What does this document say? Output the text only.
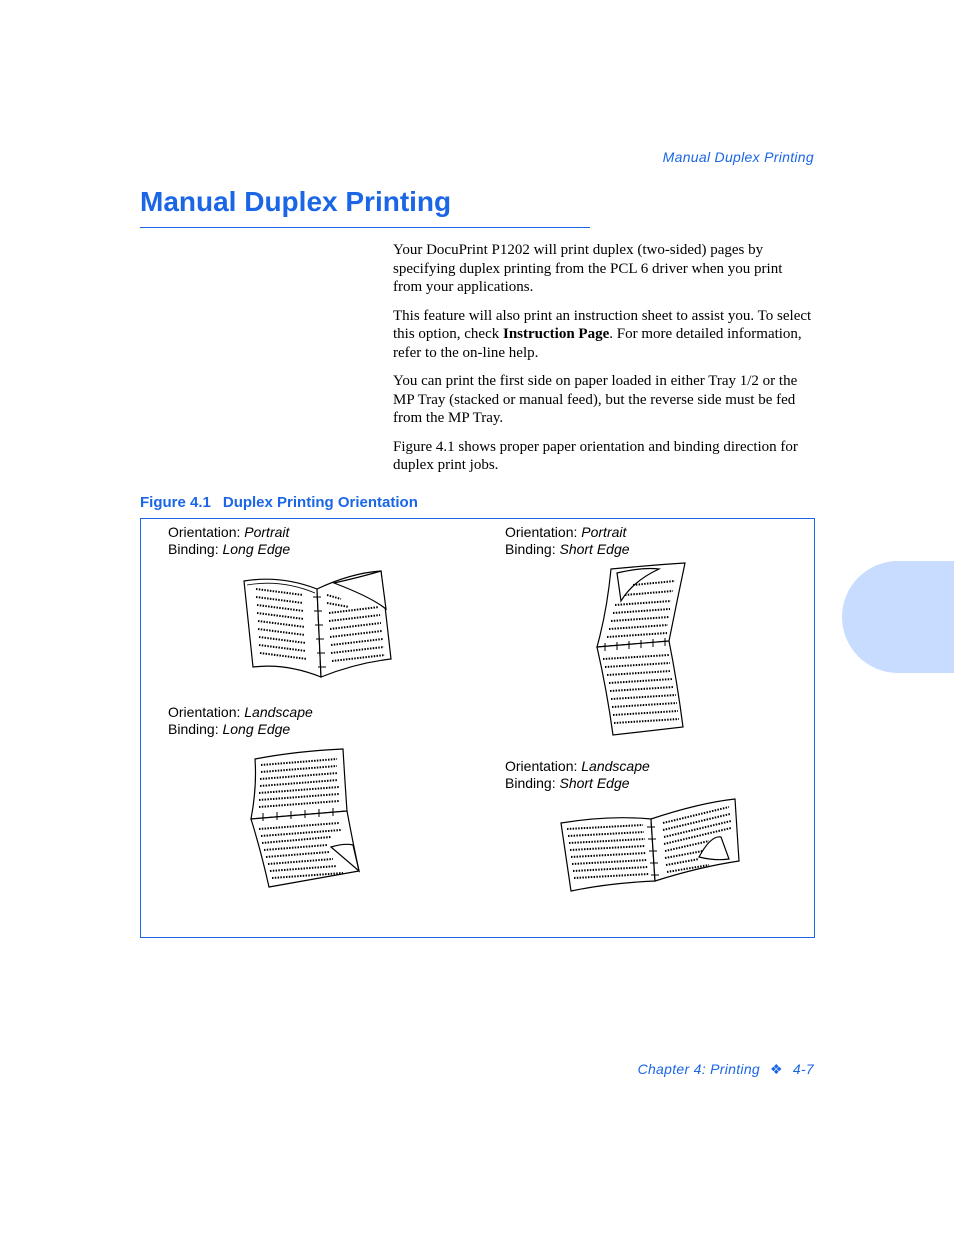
Manual Duplex Printing
Manual Duplex Printing

Your DocuPrint P1202 will print duplex (two-sided) pages by specifying duplex printing from the PCL 6 driver when you print from your applications.

This feature will also print an instruction sheet to assist you. To select this option, check Instruction Page. For more detailed information, refer to the on-line help.

You can print the first side on paper loaded in either Tray 1/2 or the MP Tray (stacked or manual feed), but the reverse side must be fed from the MP Tray.

Figure 4.1 shows proper paper orientation and binding direction for duplex print jobs.

Figure 4.1 Duplex Printing Orientation
Orientation: Portrait
Binding: Long Edge
Orientation: Portrait
Binding: Short Edge
Orientation: Landscape
Binding: Long Edge
Orientation: Landscape
Binding: Short Edge
Chapter 4: Printing ❖ 4-7
